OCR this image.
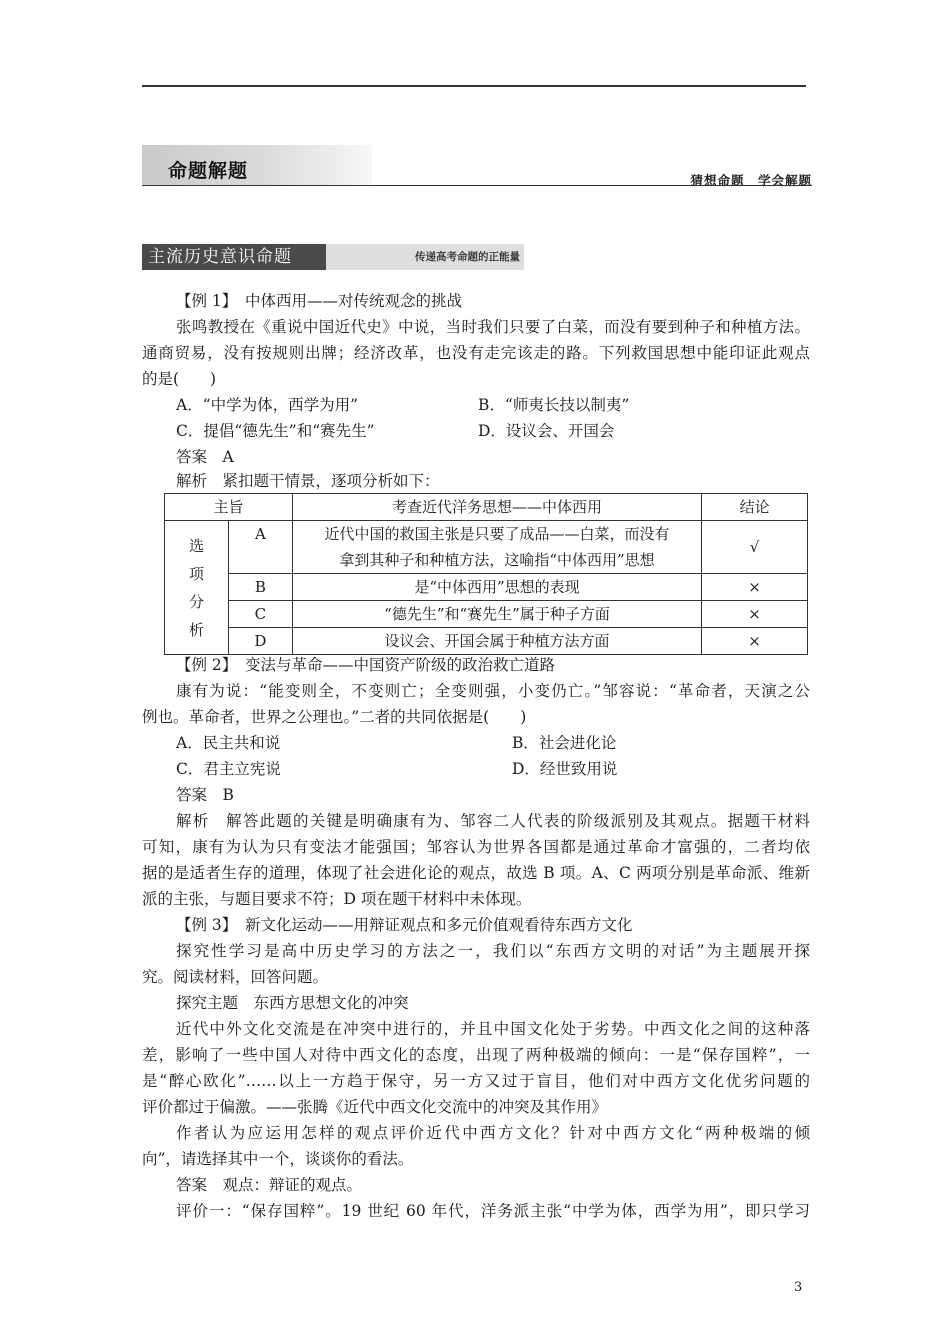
命题解题	猜想命题　学会解题
主流历史意识命题	传递高考命题的正能量
【例 1】　中体西用——对传统观念的挑战
张鸣教授在《重说中国近代史》中说，当时我们只要了白菜，而没有要到种子和种植方法。
通商贸易，没有按规则出牌；经济改革，也没有走完该走的路。下列救国思想中能印证此观点
的是(　　)
A．“中学为体，西学为用”	B．“师夷长技以制夷”
C．提倡“德先生”和“赛先生”	D．设议会、开国会
答案　A
解析　紧扣题干情景，逐项分析如下：
主旨		考查近代洋务思想——中体西用	结论
选项分析	A	近代中国的救国主张是只要了成品——白菜，而没有
拿到其种子和种植方法，这喻指“中体西用”思想	√
	B	是“中体西用”思想的表现	×
	C	“德先生”和“赛先生”属于种子方面	×
	D	设议会、开国会属于种植方法方面	×
【例 2】　变法与革命——中国资产阶级的政治救亡道路
康有为说：“能变则全，不变则亡；全变则强，小变仍亡。”邹容说：“革命者，天演之公
例也。革命者，世界之公理也。”二者的共同依据是(　　)
A．民主共和说	B．社会进化论
C．君主立宪说	D．经世致用说
答案　B
解析　解答此题的关键是明确康有为、邹容二人代表的阶级派别及其观点。据题干材料
可知，康有为认为只有变法才能强国；邹容认为世界各国都是通过革命才富强的，二者均依
据的是适者生存的道理，体现了社会进化论的观点，故选 B 项。A、C 两项分别是革命派、维新
派的主张，与题目要求不符；D 项在题干材料中未体现。
【例 3】　新文化运动——用辩证观点和多元价值观看待东西方文化
探究性学习是高中历史学习的方法之一，我们以“东西方文明的对话”为主题展开探
究。阅读材料，回答问题。
探究主题　东西方思想文化的冲突
近代中外文化交流是在冲突中进行的，并且中国文化处于劣势。中西文化之间的这种落
差，影响了一些中国人对待中西文化的态度，出现了两种极端的倾向：一是“保存国粹”，一
是“醉心欧化”……以上一方趋于保守，另一方又过于盲目，他们对中西方文化优劣问题的
评价都过于偏激。——张腾《近代中西文化交流中的冲突及其作用》
作者认为应运用怎样的观点评价近代中西方文化？针对中西方文化“两种极端的倾
向”，请选择其中一个，谈谈你的看法。
答案　观点：辩证的观点。
评价一：“保存国粹”。19 世纪 60 年代，洋务派主张“中学为体，西学为用”，即只学习
3
